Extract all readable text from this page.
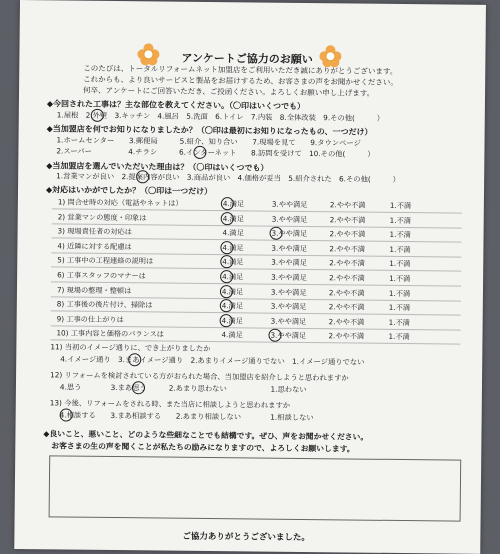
アンケートご協力のお願い
このたびは、トータルリフォームネット加盟店をご利用いただき誠にありがとうございます。
これからも、より良いサービスと製品をお届けするため、お客さまの声をお聞かせください。
何卒、アンケートにご回答いただき、ご投函ください。よろしくお願い申し上げます。
◆今回された工事は？主な部位を教えてください。（〇印はいくつでも）
1.屋根　2.外壁　3.キッチン　4.風呂　5.洗面　6.トイレ　7.内装　8.全体改装　9.その他(　　　）
◆当加盟店を何でお知りになりましたか？（〇印は最初にお知りになったもの、一つだけ）
1.ホームセンター　　3.郵便局　　　5.紹介、知り合い　　7.現場を見て　　9.タウンページ
2.スーパー　　　　　4.チラシ　　　6.インターネット　　8.訪問を受けて　10.その他(　　　）
◆当加盟店を選んでいただいた理由は？（〇印はいくつでも）
1.営業マンが良い　2.提案内容が良い　3.商品が良い　4.価格が妥当　5.紹介された　6.その他(　　　）
◆対応はいかがでしたか？（〇印は一つだけ）
1) 問合せ時の対応（電話やネットは）	4.満足	3.やや満足	2.やや不満	1.不満
2) 営業マンの態度・印象は	4.満足	3.やや満足	2.やや不満	1.不満
3) 現場責任者の対応は	4.満足	3.やや満足	2.やや不満	1.不満
4) 近隣に対する配慮は	4.満足	3.やや満足	2.やや不満	1.不満
5) 工事中の工程連絡の説明は	4.満足	3.やや満足	2.やや不満	1.不満
6) 工事スタッフのマナーは	4.満足	3.やや満足	2.やや不満	1.不満
7) 現場の整理・整頓は	4.満足	3.やや満足	2.やや不満	1.不満
8) 工事後の後片付け、掃除は	4.満足	3.やや満足	2.やや不満	1.不満
9) 工事の仕上がりは	4.満足	3.やや満足	2.やや不満	1.不満
10) 工事内容と価格のバランスは	4.満足	3.やや満足	2.やや不満	1.不満
11) 当初のイメージ通りに、でき上がりましたか
4.イメージ通り　3.まあイメージ通り　2.あまりイメージ通りでない　1.イメージ通りでない
12) リフォームを検討されている方がおられた場合、当加盟店を紹介しようと思われますか
4.思う　　　　3.まあ思う　　　2.あまり思わない　　　　　　1.思わない
13) 今後、リフォームをされる時、また当店に相談しようと思われますか
4.相談する　　3.まあ相談する　　2.あまり相談しない　　　　1.相談しない
◆良いこと、悪いこと、どのような些細なことでも結構です。ぜひ、声をお聞かせください。
お客さまの生の声を聞くことが私たちの励みになりますので、よろしくお願いします。
ご協力ありがとうございました。
